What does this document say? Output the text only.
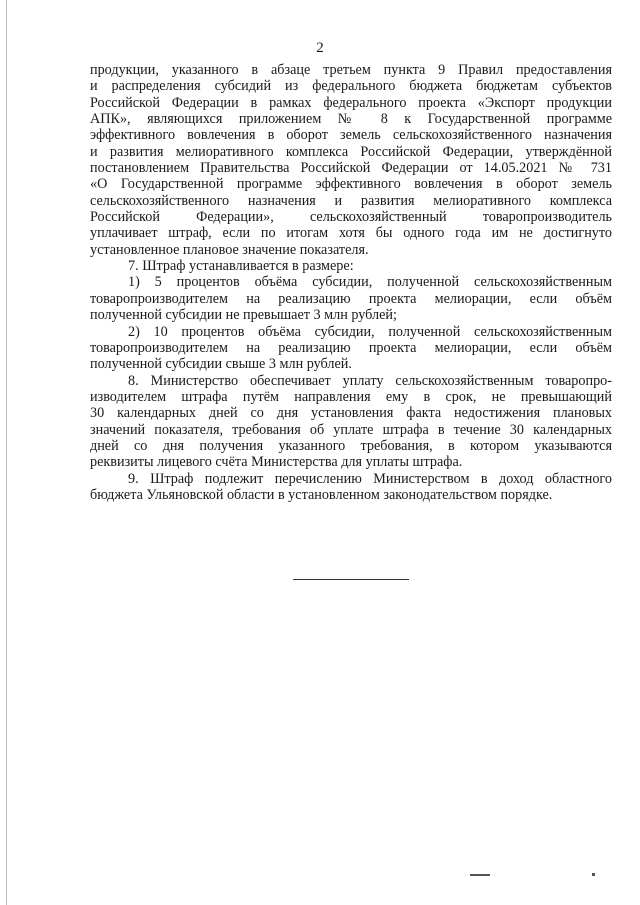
2
продукции, указанного в абзаце третьем пункта 9 Правил предоставления
и распределения субсидий из федерального бюджета бюджетам субъектов
Российской Федерации в рамках федерального проекта «Экспорт продукции
АПК», являющихся приложением № 8 к Государственной программе
эффективного вовлечения в оборот земель сельскохозяйственного назначения
и развития мелиоративного комплекса Российской Федерации, утверждённой
постановлением Правительства Российской Федерации от 14.05.2021 № 731
«О Государственной программе эффективного вовлечения в оборот земель
сельскохозяйственного назначения и развития мелиоративного комплекса
Российской Федерации», сельскохозяйственный товаропроизводитель
уплачивает штраф, если по итогам хотя бы одного года им не достигнуто
установленное плановое значение показателя.
7. Штраф устанавливается в размере:
1) 5 процентов объёма субсидии, полученной сельскохозяйственным
товаропроизводителем на реализацию проекта мелиорации, если объём
полученной субсидии не превышает 3 млн рублей;
2) 10 процентов объёма субсидии, полученной сельскохозяйственным
товаропроизводителем на реализацию проекта мелиорации, если объём
полученной субсидии свыше 3 млн рублей.
8. Министерство обеспечивает уплату сельскохозяйственным товаропро-
изводителем штрафа путём направления ему в срок, не превышающий
30 календарных дней со дня установления факта недостижения плановых
значений показателя, требования об уплате штрафа в течение 30 календарных
дней со дня получения указанного требования, в котором указываются
реквизиты лицевого счёта Министерства для уплаты штрафа.
9. Штраф подлежит перечислению Министерством в доход областного
бюджета Ульяновской области в установленном законодательством порядке.
